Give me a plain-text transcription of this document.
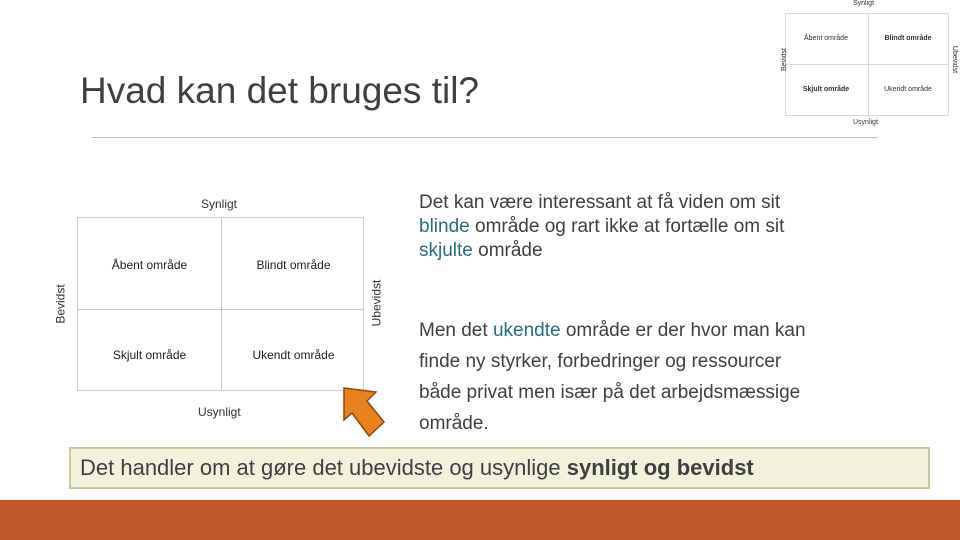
Hvad kan det bruges til?
Synligt
Åbent område	Blindt område
Skjult område	Ukendt område
Bevidst	Ubevidst
Usynligt
Synligt
Åbent område	Blindt område
Skjult område	Ukendt område
Bevidst	Ubevidst
Usynligt
Det kan være interessant at få viden om sit
blinde område og rart ikke at fortælle om sit
skjulte område
Men det ukendte område er der hvor man kan
finde ny styrker, forbedringer og ressourcer
både privat men især på det arbejdsmæssige
område.
Det handler om at gøre det ubevidste og usynlige synligt og bevidst
